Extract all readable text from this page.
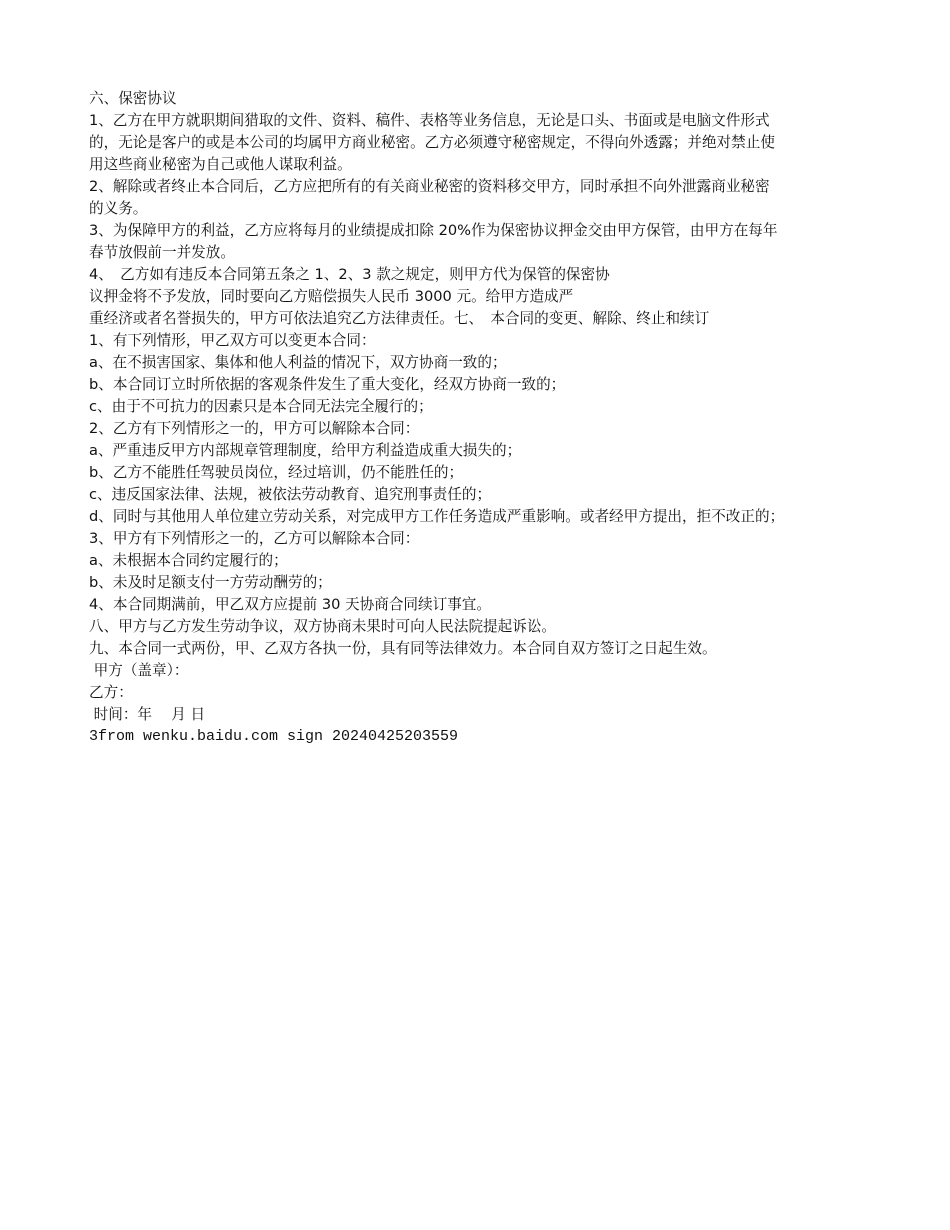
六、保密协议
1、乙方在甲方就职期间猎取的文件、资料、稿件、表格等业务信息，无论是口头、书面或是电脑文件形式
的，无论是客户的或是本公司的均属甲方商业秘密。乙方必须遵守秘密规定，不得向外透露；并绝对禁止使
用这些商业秘密为自己或他人谋取利益。
2、解除或者终止本合同后，乙方应把所有的有关商业秘密的资料移交甲方，同时承担不向外泄露商业秘密
的义务。
3、为保障甲方的利益，乙方应将每月的业绩提成扣除 20%作为保密协议押金交由甲方保管，由甲方在每年
春节放假前一并发放。
4、　乙方如有违反本合同第五条之 1、2、3 款之规定，则甲方代为保管的保密协
议押金将不予发放，同时要向乙方赔偿损失人民币 3000 元。给甲方造成严
重经济或者名誉损失的，甲方可依法追究乙方法律责任。七、　本合同的变更、解除、终止和续订
1、有下列情形，甲乙双方可以变更本合同：
a、在不损害国家、集体和他人利益的情况下，双方协商一致的；
b、本合同订立时所依据的客观条件发生了重大变化，经双方协商一致的；
c、由于不可抗力的因素只是本合同无法完全履行的；
2、乙方有下列情形之一的，甲方可以解除本合同：
a、严重违反甲方内部规章管理制度，给甲方利益造成重大损失的；
b、乙方不能胜任驾驶员岗位，经过培训，仍不能胜任的；
c、违反国家法律、法规，被依法劳动教育、追究刑事责任的；
d、同时与其他用人单位建立劳动关系，对完成甲方工作任务造成严重影响。或者经甲方提出，拒不改正的；
3、甲方有下列情形之一的，乙方可以解除本合同：
a、未根据本合同约定履行的；
b、未及时足额支付一方劳动酬劳的；
4、本合同期满前，甲乙双方应提前 30 天协商合同续订事宜。
八、甲方与乙方发生劳动争议，双方协商未果时可向人民法院提起诉讼。
九、本合同一式两份，甲、乙双方各执一份，具有同等法律效力。本合同自双方签订之日起生效。
甲方（盖章）：
乙方：
时间：年　 月 日
3from wenku.baidu.com sign 20240425203559
